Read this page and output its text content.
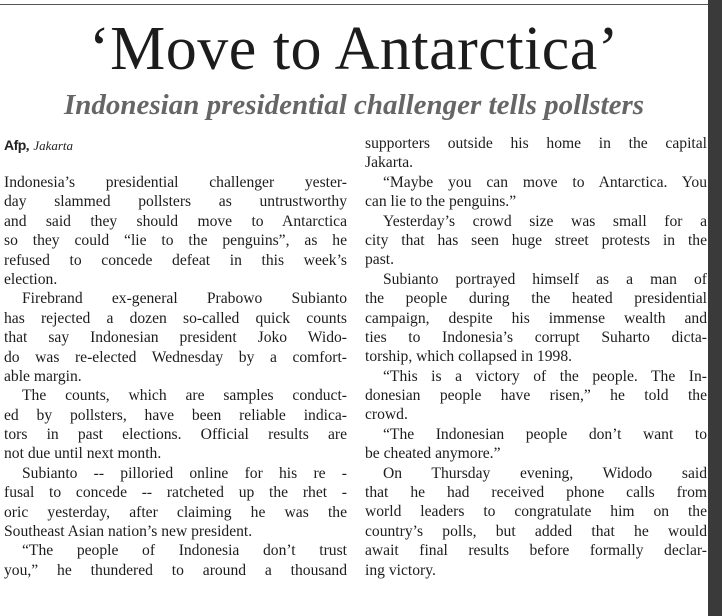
‘Move to Antarctica’
Indonesian presidential challenger tells pollsters
Afp, Jakarta
Indonesia’s presidential challenger yester-
day slammed pollsters as untrustworthy
and said they should move to Antarctica
so they could “lie to the penguins”, as he
refused to concede defeat in this week’s
election.
Firebrand ex-general Prabowo Subianto
has rejected a dozen so-called quick counts
that say Indonesian president Joko Wido-
do was re-elected Wednesday by a comfort-
able margin.
The counts, which are samples conduct-
ed by pollsters, have been reliable indica-
tors in past elections. Official results are
not due until next month.
Subianto -- pilloried online for his re -
fusal to concede -- ratcheted up the rhet -
oric yesterday, after claiming he was the
Southeast Asian nation’s new president.
“The people of Indonesia don’t trust
you,” he thundered to around a thousand
supporters outside his home in the capital
Jakarta.
“Maybe you can move to Antarctica. You
can lie to the penguins.”
Yesterday’s crowd size was small for a
city that has seen huge street protests in the
past.
Subianto portrayed himself as a man of
the people during the heated presidential
campaign, despite his immense wealth and
ties to Indonesia’s corrupt Suharto dicta-
torship, which collapsed in 1998.
“This is a victory of the people. The In-
donesian people have risen,” he told the
crowd.
“The Indonesian people don’t want to
be cheated anymore.”
On Thursday evening, Widodo said
that he had received phone calls from
world leaders to congratulate him on the
country’s polls, but added that he would
await final results before formally declar-
ing victory.
